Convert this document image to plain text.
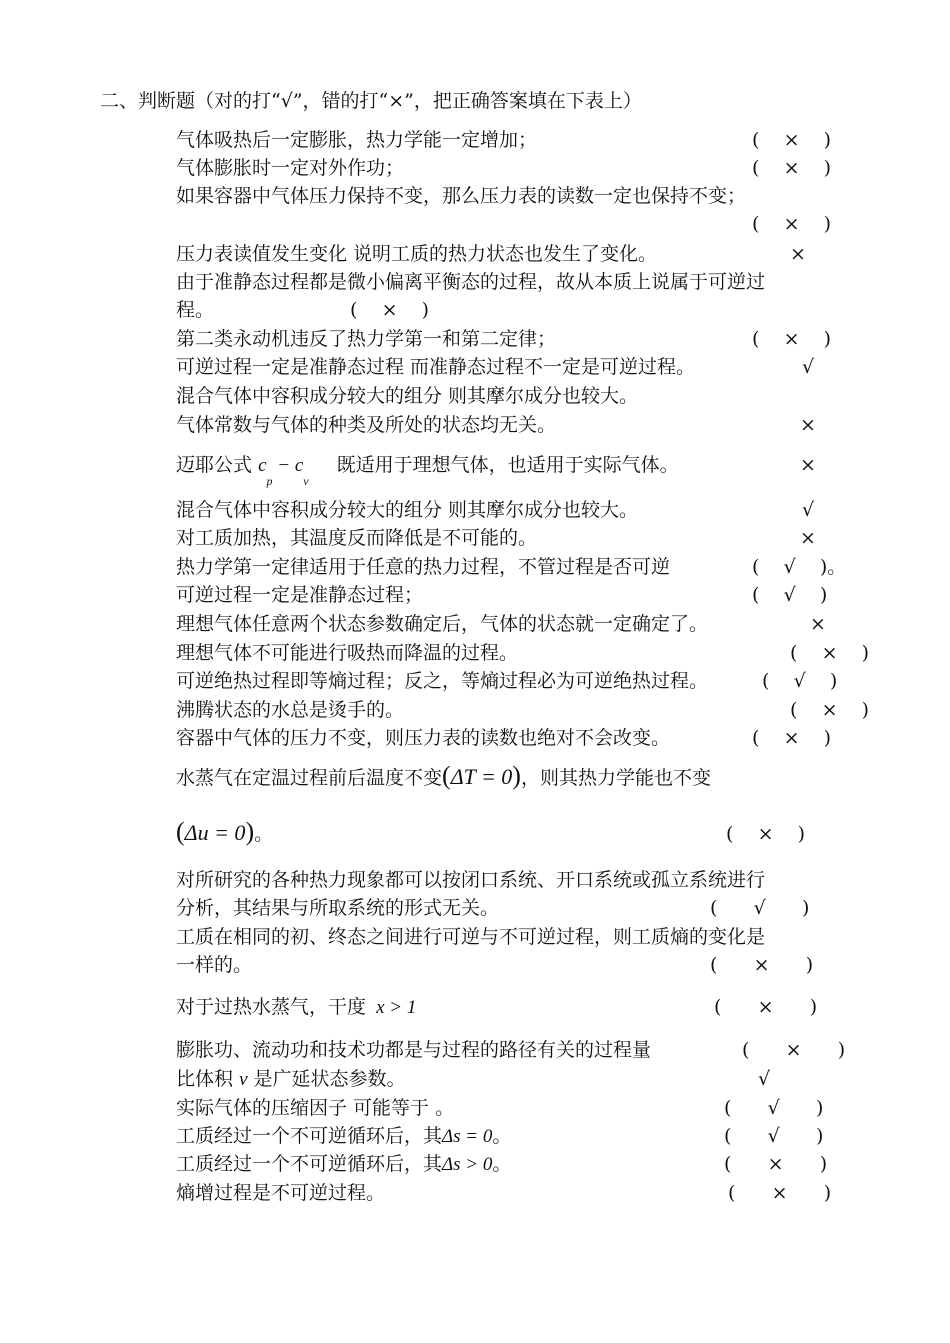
二、判断题（对的打“√”，错的打“×”，把正确答案填在下表上）
气体吸热后一定膨胀，热力学能一定增加；	(    ×    )
气体膨胀时一定对外作功；	(    ×    )
如果容器中气体压力保持不变，那么压力表的读数一定也保持不变；
(    ×    )
压力表读值发生变化 说明工质的热力状态也发生了变化。	×
由于准静态过程都是微小偏离平衡态的过程，故从本质上说属于可逆过
程。	(    ×    )
第二类永动机违反了热力学第一和第二定律；	(    ×    )
可逆过程一定是准静态过程 而准静态过程不一定是可逆过程。	√
混合气体中容积成分较大的组分 则其摩尔成分也较大。
气体常数与气体的种类及所处的状态均无关。	×
迈耶公式 $c_p - c_v$ 既适用于理想气体，也适用于实际气体。	×
混合气体中容积成分较大的组分 则其摩尔成分也较大。	√
对工质加热，其温度反而降低是不可能的。	×
热力学第一定律适用于任意的热力过程，不管过程是否可逆	(    √    )。
可逆过程一定是准静态过程；	(    √    )
理想气体任意两个状态参数确定后，气体的状态就一定确定了。	×
理想气体不可能进行吸热而降温的过程。	(    ×    )
可逆绝热过程即等熵过程；反之，等熵过程必为可逆绝热过程。	(    √    )
沸腾状态的水总是烫手的。	(    ×    )
容器中气体的压力不变，则压力表的读数也绝对不会改变。	(    ×    )
水蒸气在定温过程前后温度不变(ΔT = 0)，则其热力学能也不变
(Δu = 0)。	(    ×    )
对所研究的各种热力现象都可以按闭口系统、开口系统或孤立系统进行
分析，其结果与所取系统的形式无关。	(      √      )
工质在相同的初、终态之间进行可逆与不可逆过程，则工质熵的变化是
一样的。	(      ×      )
对于过热水蒸气，干度 x > 1	(      ×      )
膨胀功、流动功和技术功都是与过程的路径有关的过程量	(      ×      )
比体积 v 是广延状态参数。	√
实际气体的压缩因子 可能等于 。	(      √      )
工质经过一个不可逆循环后，其Δs = 0。	(      √      )
工质经过一个不可逆循环后，其Δs > 0。	(      ×      )
熵增过程是不可逆过程。	(      ×      )
